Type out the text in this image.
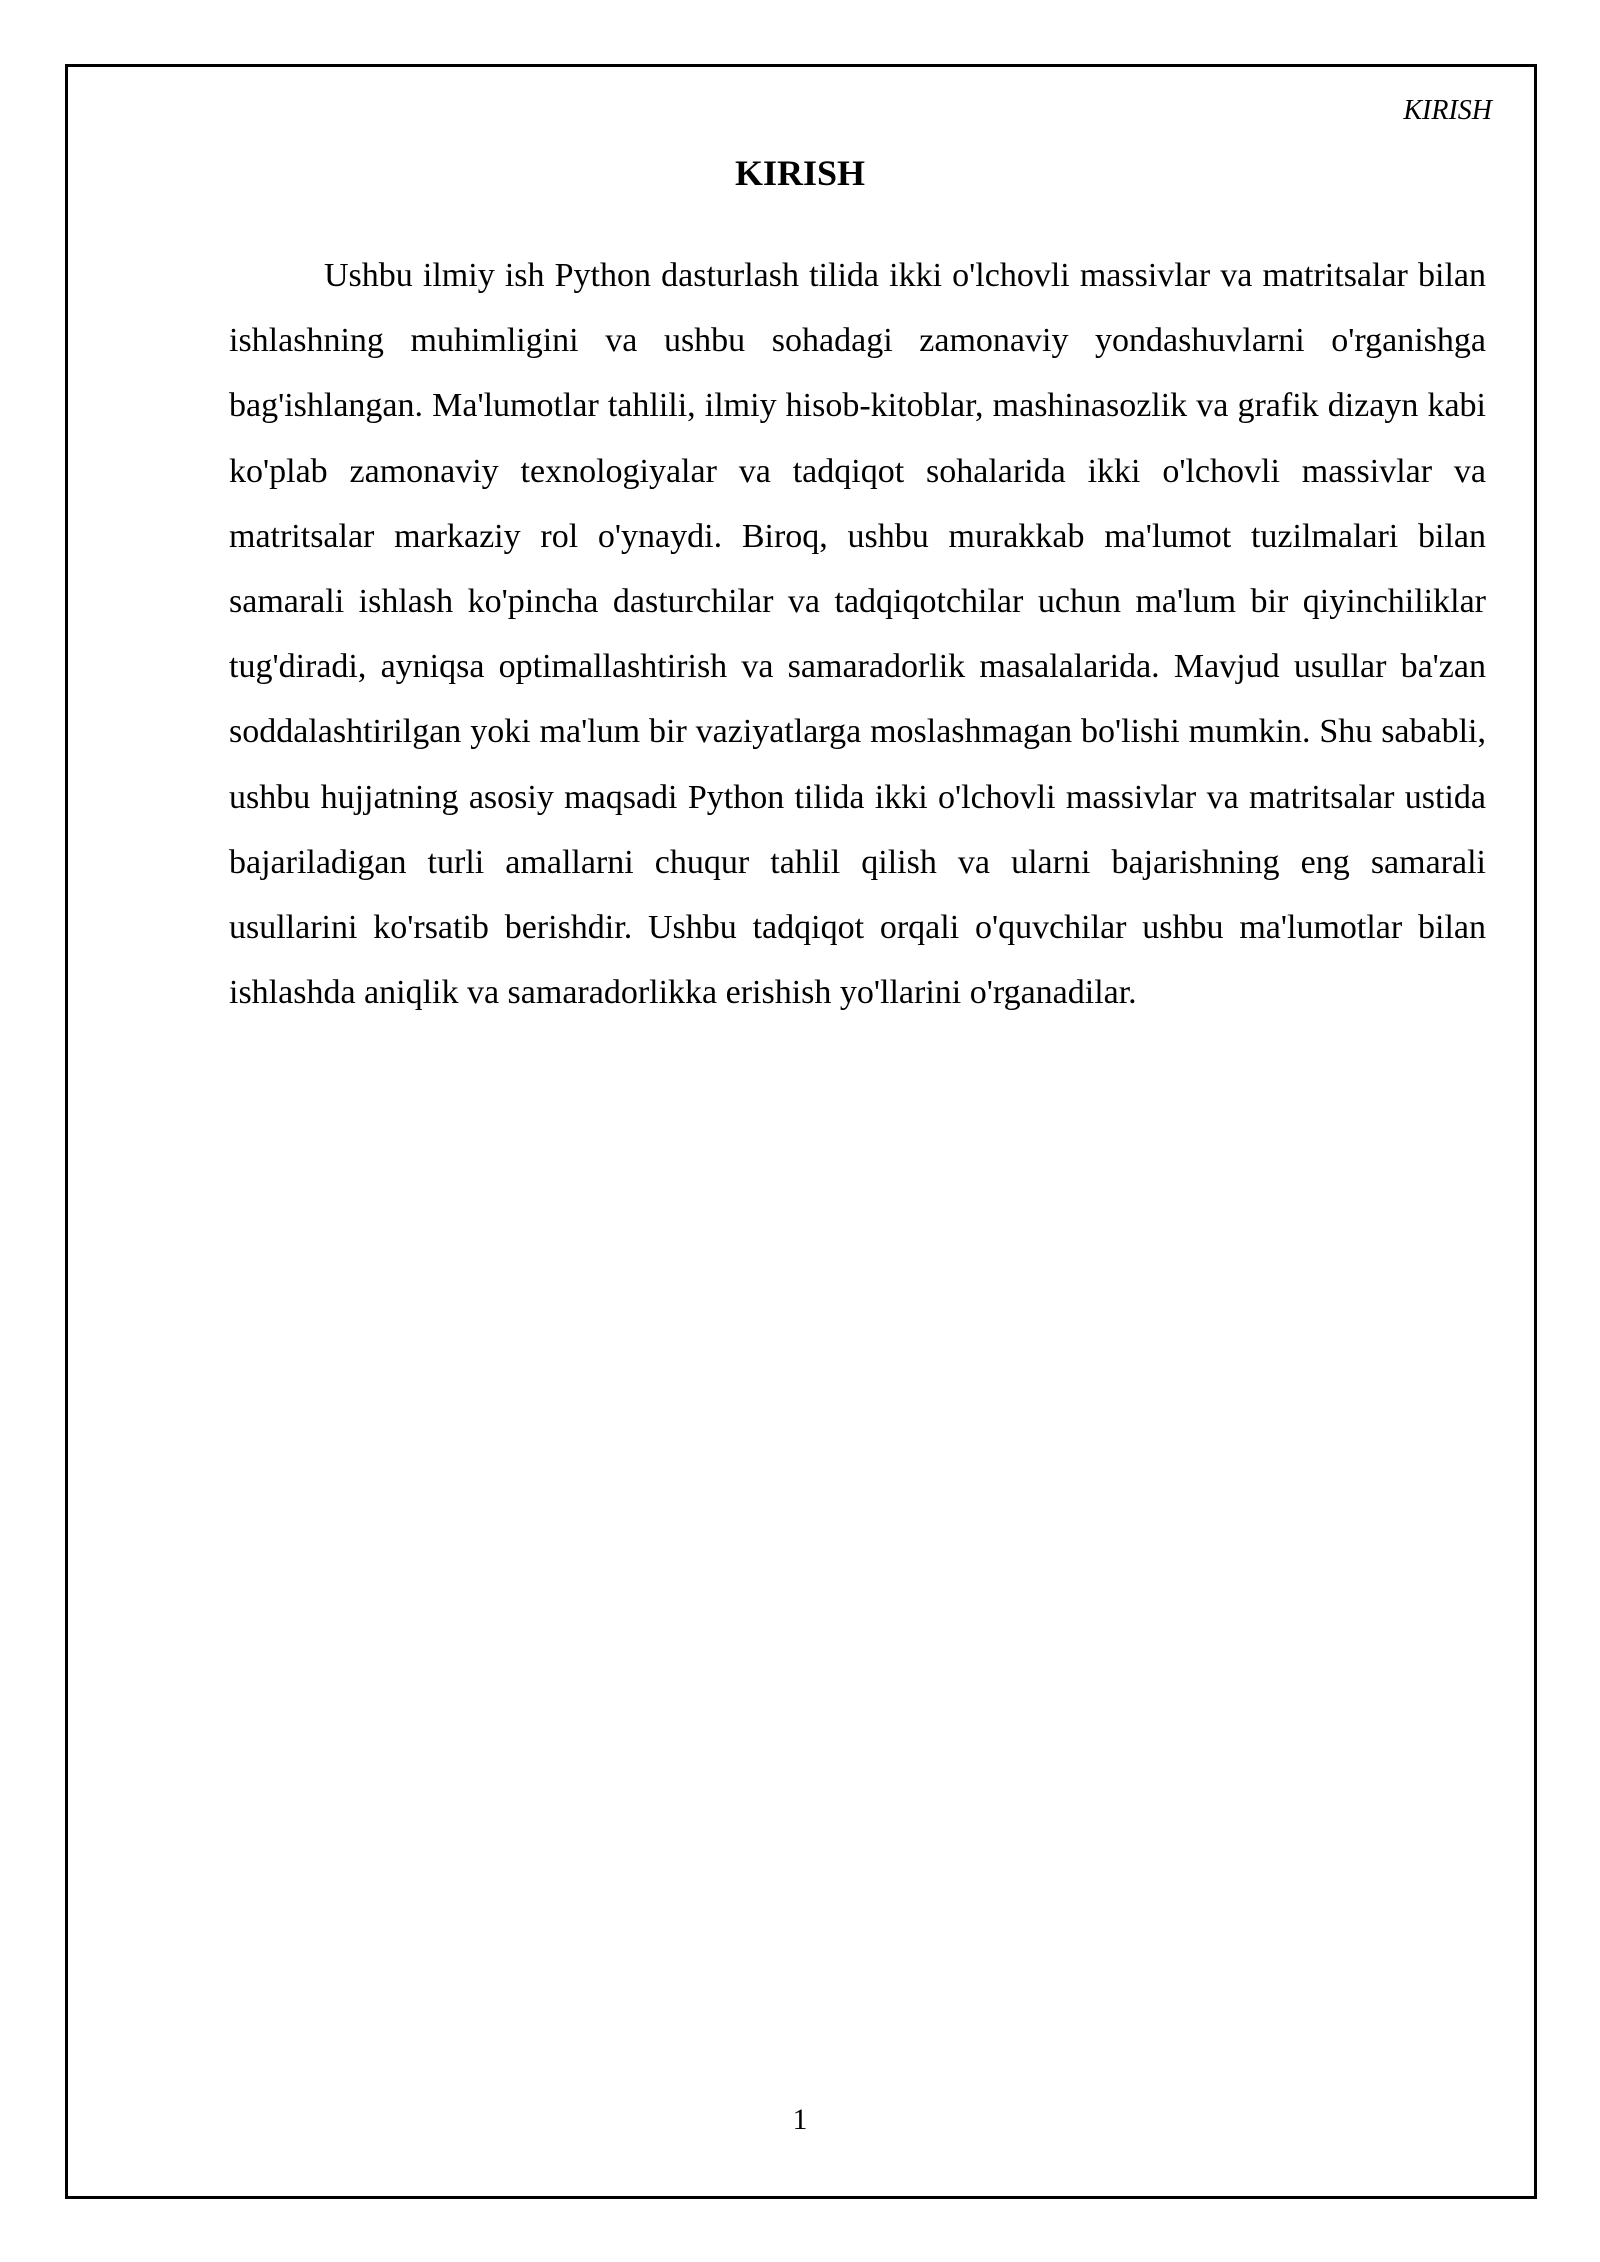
KIRISH
KIRISH

Ushbu ilmiy ish Python dasturlash tilida ikki o'lchovli massivlar va matritsalar bilan ishlashning muhimligini va ushbu sohadagi zamonaviy yondashuvlarni o'rganishga bag'ishlangan. Ma'lumotlar tahlili, ilmiy hisob-kitoblar, mashinasozlik va grafik dizayn kabi ko'plab zamonaviy texnologiyalar va tadqiqot sohalarida ikki o'lchovli massivlar va matritsalar markaziy rol o'ynaydi. Biroq, ushbu murakkab ma'lumot tuzilmalari bilan samarali ishlash ko'pincha dasturchilar va tadqiqotchilar uchun ma'lum bir qiyinchiliklar tug'diradi, ayniqsa optimallashtirish va samaradorlik masalalarida. Mavjud usullar ba'zan soddalashtirilgan yoki ma'lum bir vaziyatlarga moslashmagan bo'lishi mumkin. Shu sababli, ushbu hujjatning asosiy maqsadi Python tilida ikki o'lchovli massivlar va matritsalar ustida bajariladigan turli amallarni chuqur tahlil qilish va ularni bajarishning eng samarali usullarini ko'rsatib berishdir. Ushbu tadqiqot orqali o'quvchilar ushbu ma'lumotlar bilan ishlashda aniqlik va samaradorlikka erishish yo'llarini o'rganadilar.

1
